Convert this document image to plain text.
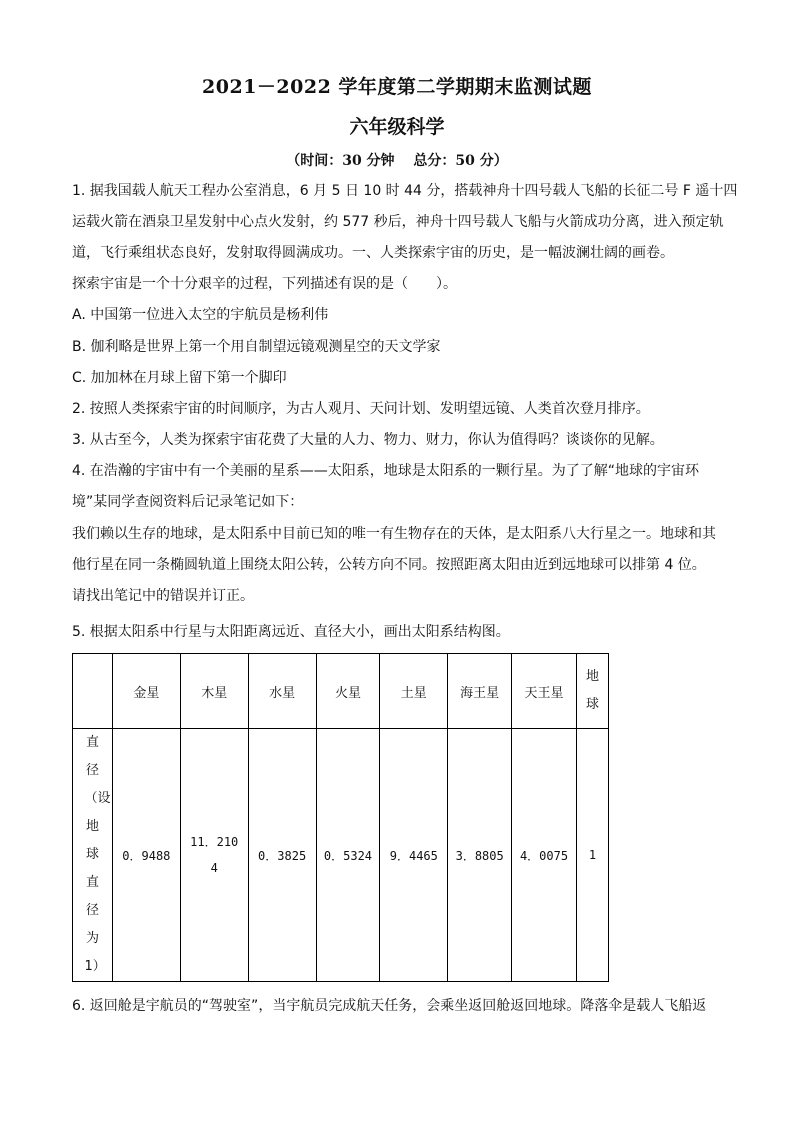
2021－2022 学年度第二学期期末监测试题
六年级科学
（时间：30 分钟　 总分：50 分）
1. 据我国载人航天工程办公室消息，6 月 5 日 10 时 44 分，搭载神舟十四号载人飞船的长征二号 F 遥十四
运载火箭在酒泉卫星发射中心点火发射，约 577 秒后，神舟十四号载人飞船与火箭成功分离，进入预定轨
道，飞行乘组状态良好，发射取得圆满成功。一、人类探索宇宙的历史，是一幅波澜壮阔的画卷。
探索宇宙是一个十分艰辛的过程，下列描述有误的是（　　）。
A. 中国第一位进入太空的宇航员是杨利伟
B. 伽利略是世界上第一个用自制望远镜观测星空的天文学家
C. 加加林在月球上留下第一个脚印
2. 按照人类探索宇宙的时间顺序，为古人观月、天问计划、发明望远镜、人类首次登月排序。
3. 从古至今，人类为探索宇宙花费了大量的人力、物力、财力，你认为值得吗？谈谈你的见解。
4. 在浩瀚的宇宙中有一个美丽的星系——太阳系，地球是太阳系的一颗行星。为了了解“地球的宇宙环
境”某同学查阅资料后记录笔记如下：
我们赖以生存的地球，是太阳系中目前已知的唯一有生物存在的天体，是太阳系八大行星之一。地球和其
他行星在同一条椭圆轨道上围绕太阳公转，公转方向不同。按照距离太阳由近到远地球可以排第 4 位。
请找出笔记中的错误并订正。
5. 根据太阳系中行星与太阳距离远近、直径大小，画出太阳系结构图。
	金星	木星	水星	火星	土星	海王星	天王星	地球
直径（设地球直径为 1）	0．9488	11．2104	0．3825	0．5324	9．4465	3．8805	4．0075	1
6. 返回舱是宇航员的“驾驶室”，当宇航员完成航天任务，会乘坐返回舱返回地球。降落伞是载人飞船返
